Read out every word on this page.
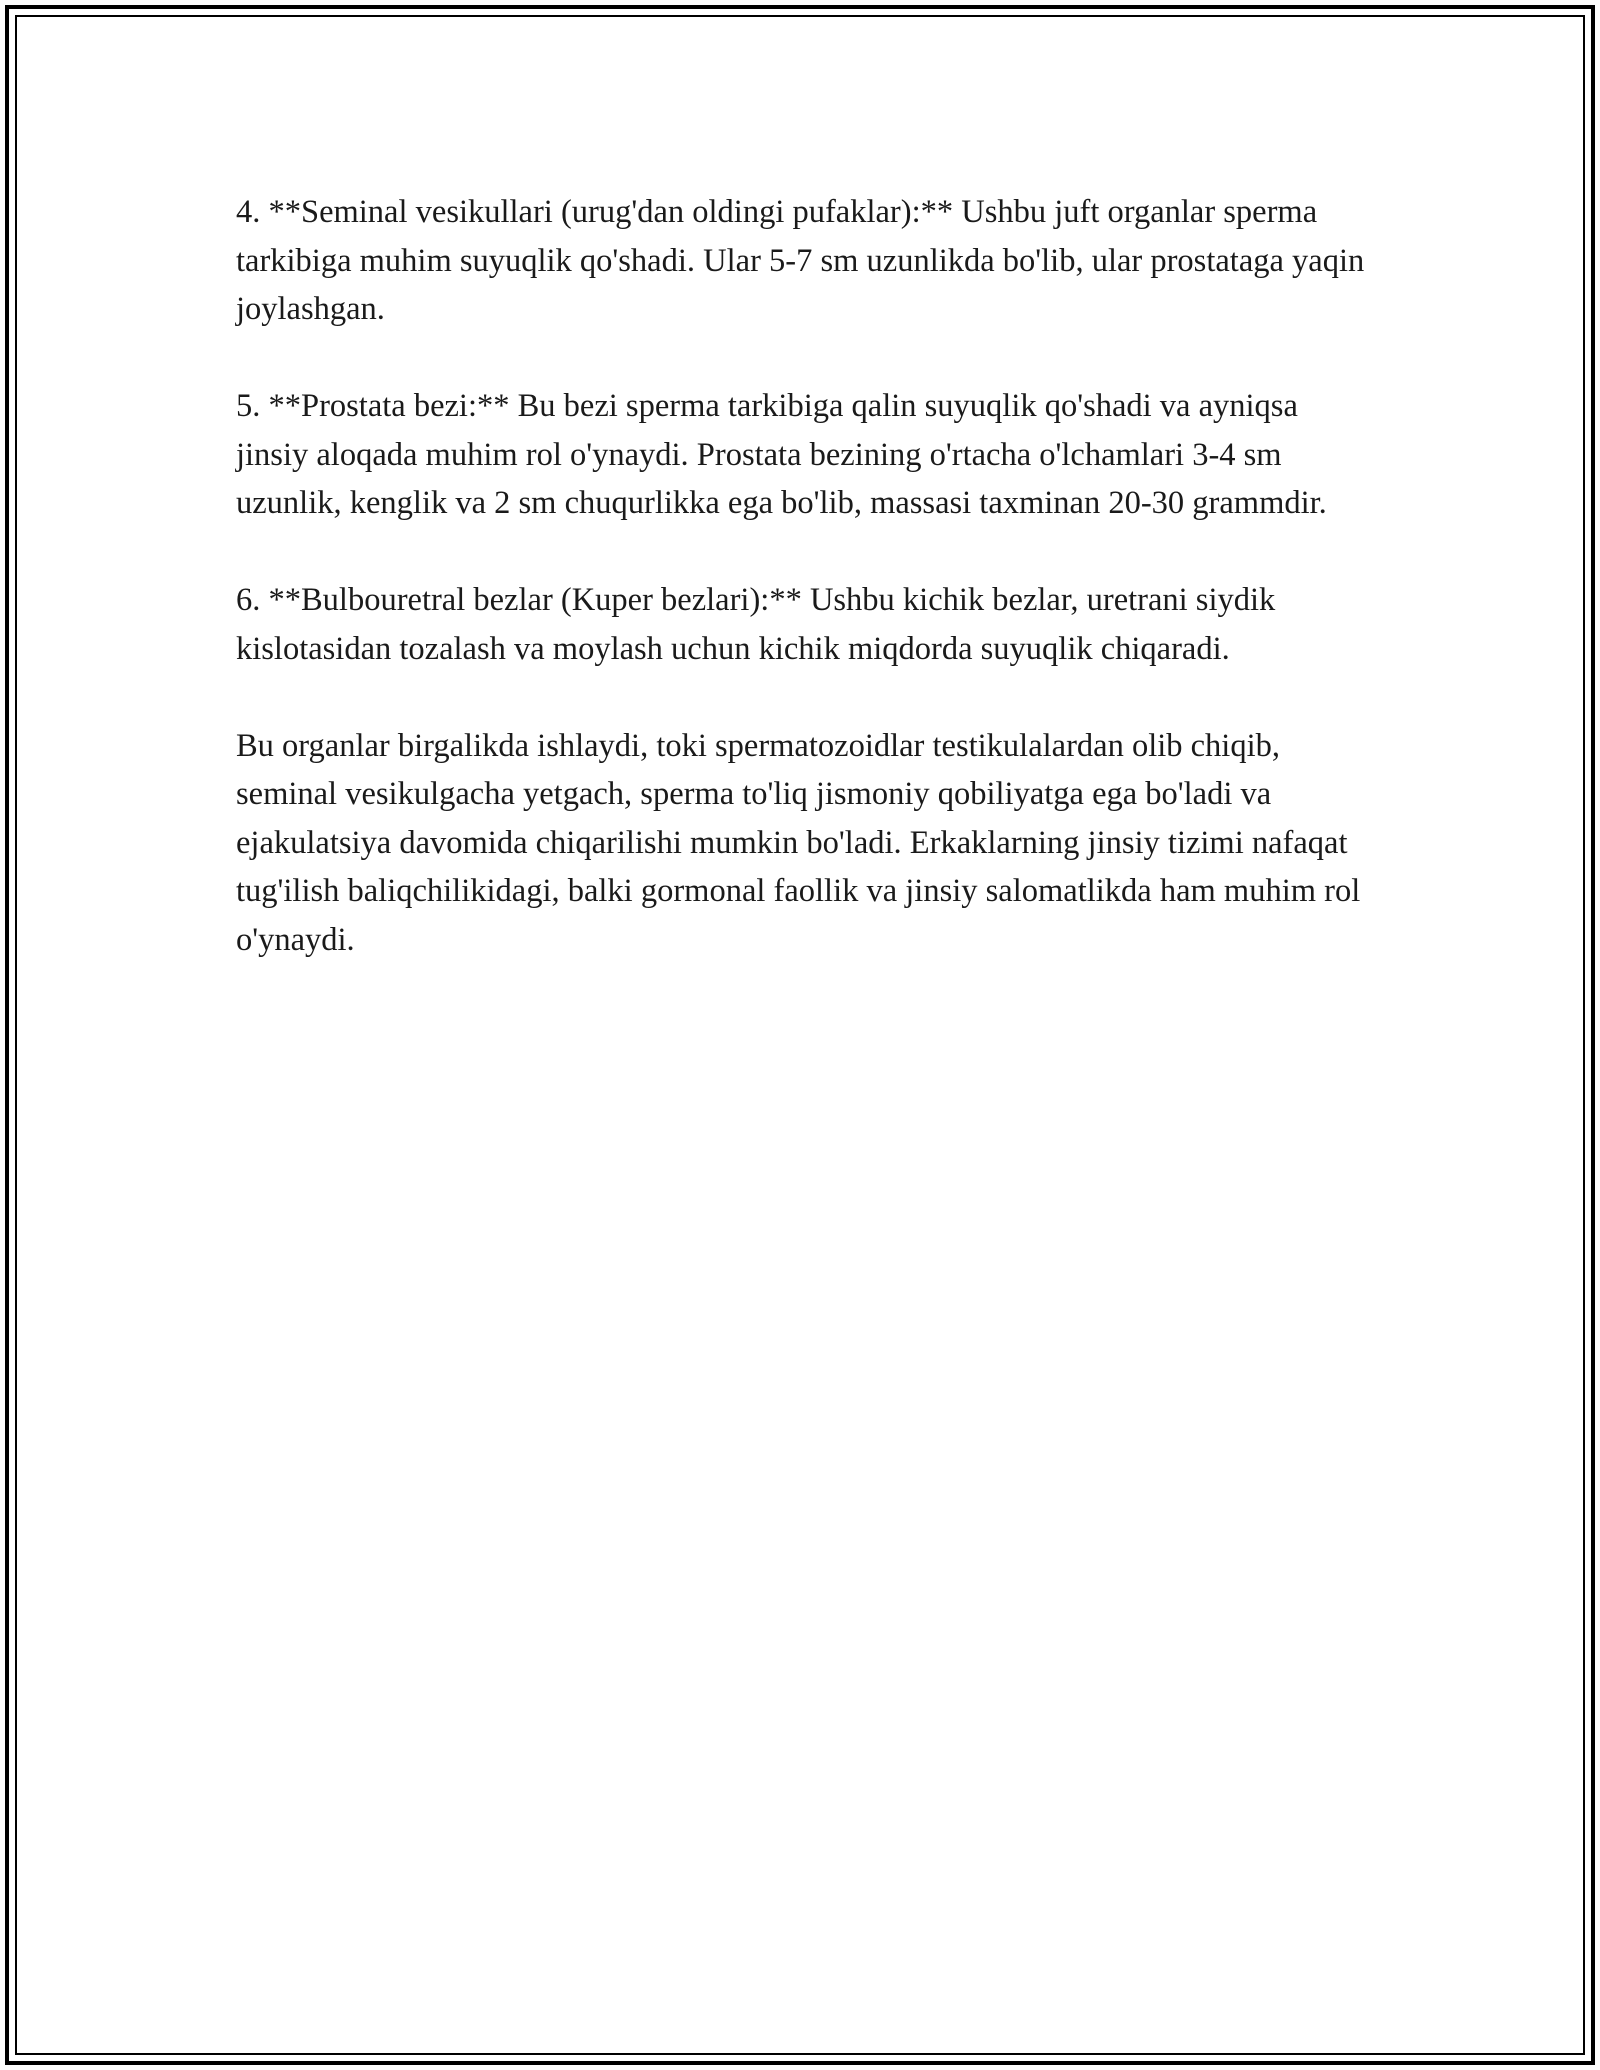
4. **Seminal vesikullari (urug'dan oldingi pufaklar):** Ushbu juft organlar sperma tarkibiga muhim suyuqlik qo'shadi. Ular 5-7 sm uzunlikda bo'lib, ular prostataga yaqin joylashgan.

5. **Prostata bezi:** Bu bezi sperma tarkibiga qalin suyuqlik qo'shadi va ayniqsa jinsiy aloqada muhim rol o'ynaydi. Prostata bezining o'rtacha o'lchamlari 3-4 sm uzunlik, kenglik va 2 sm chuqurlikka ega bo'lib, massasi taxminan 20-30 grammdir.

6. **Bulbouretral bezlar (Kuper bezlari):** Ushbu kichik bezlar, uretrani siydik kislotasidan tozalash va moylash uchun kichik miqdorda suyuqlik chiqaradi.

Bu organlar birgalikda ishlaydi, toki spermatozoidlar testikulalardan olib chiqib, seminal vesikulgacha yetgach, sperma to'liq jismoniy qobiliyatga ega bo'ladi va ejakulatsiya davomida chiqarilishi mumkin bo'ladi. Erkaklarning jinsiy tizimi nafaqat tug'ilish baliqchilikidagi, balki gormonal faollik va jinsiy salomatlikda ham muhim rol o'ynaydi.
